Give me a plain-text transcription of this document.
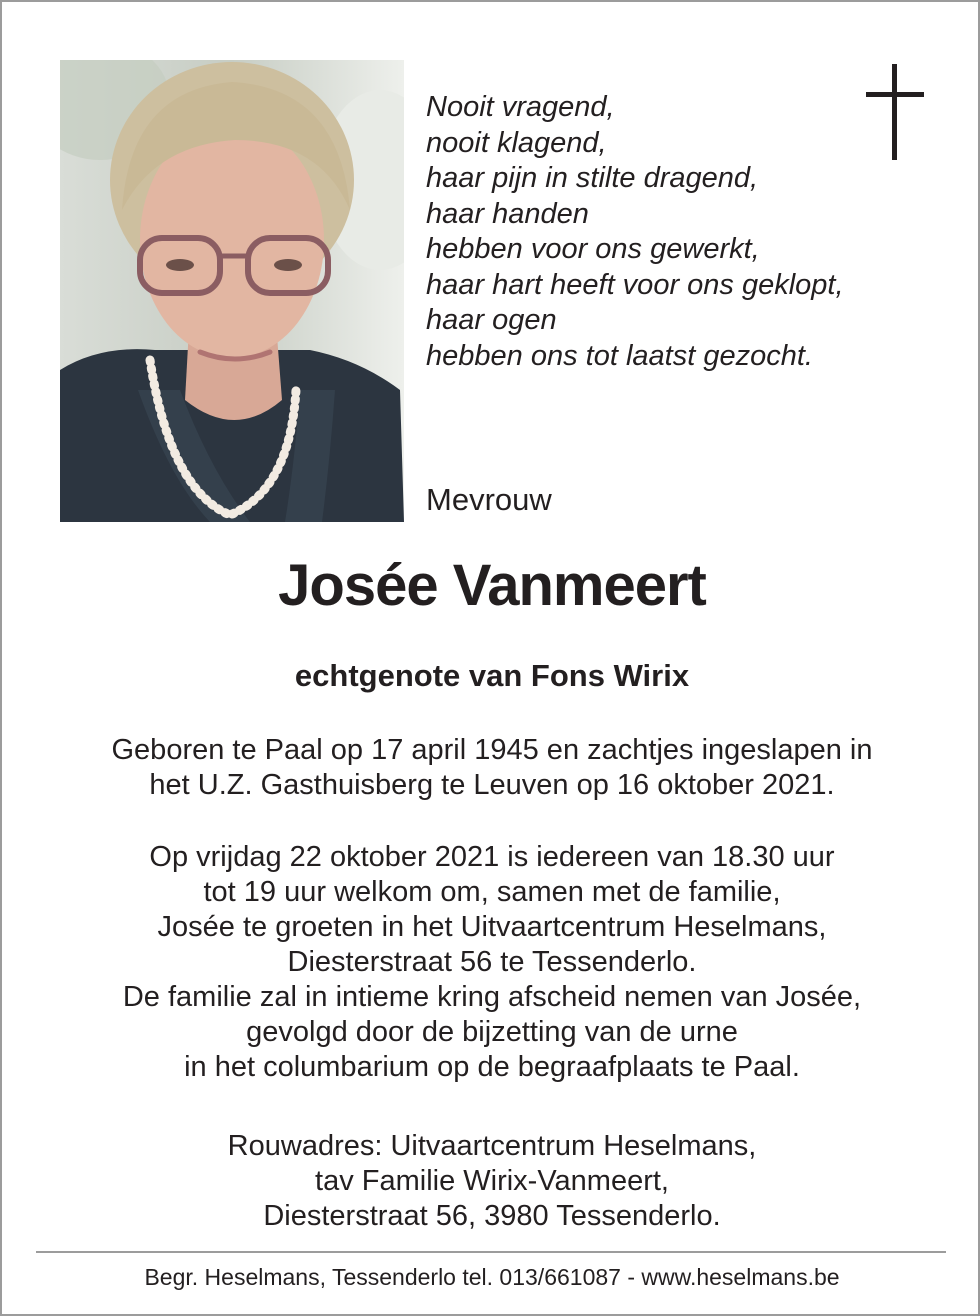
Nooit vragend,
nooit klagend,
haar pijn in stilte dragend,
haar handen
hebben voor ons gewerkt,
haar hart heeft voor ons geklopt,
haar ogen
hebben ons tot laatst gezocht.
Mevrouw
Josée Vanmeert
echtgenote van Fons Wirix
Geboren te Paal op 17 april 1945 en zachtjes ingeslapen in
het U.Z. Gasthuisberg te Leuven op 16 oktober 2021.
Op vrijdag 22 oktober 2021 is iedereen van 18.30 uur
tot 19 uur welkom om, samen met de familie,
Josée te groeten in het Uitvaartcentrum Heselmans,
Diesterstraat 56 te Tessenderlo.
De familie zal in intieme kring afscheid nemen van Josée,
gevolgd door de bijzetting van de urne
in het columbarium op de begraafplaats te Paal.
Rouwadres: Uitvaartcentrum Heselmans,
tav Familie Wirix-Vanmeert,
Diesterstraat 56, 3980 Tessenderlo.
Begr. Heselmans, Tessenderlo tel. 013/661087 - www.heselmans.be
